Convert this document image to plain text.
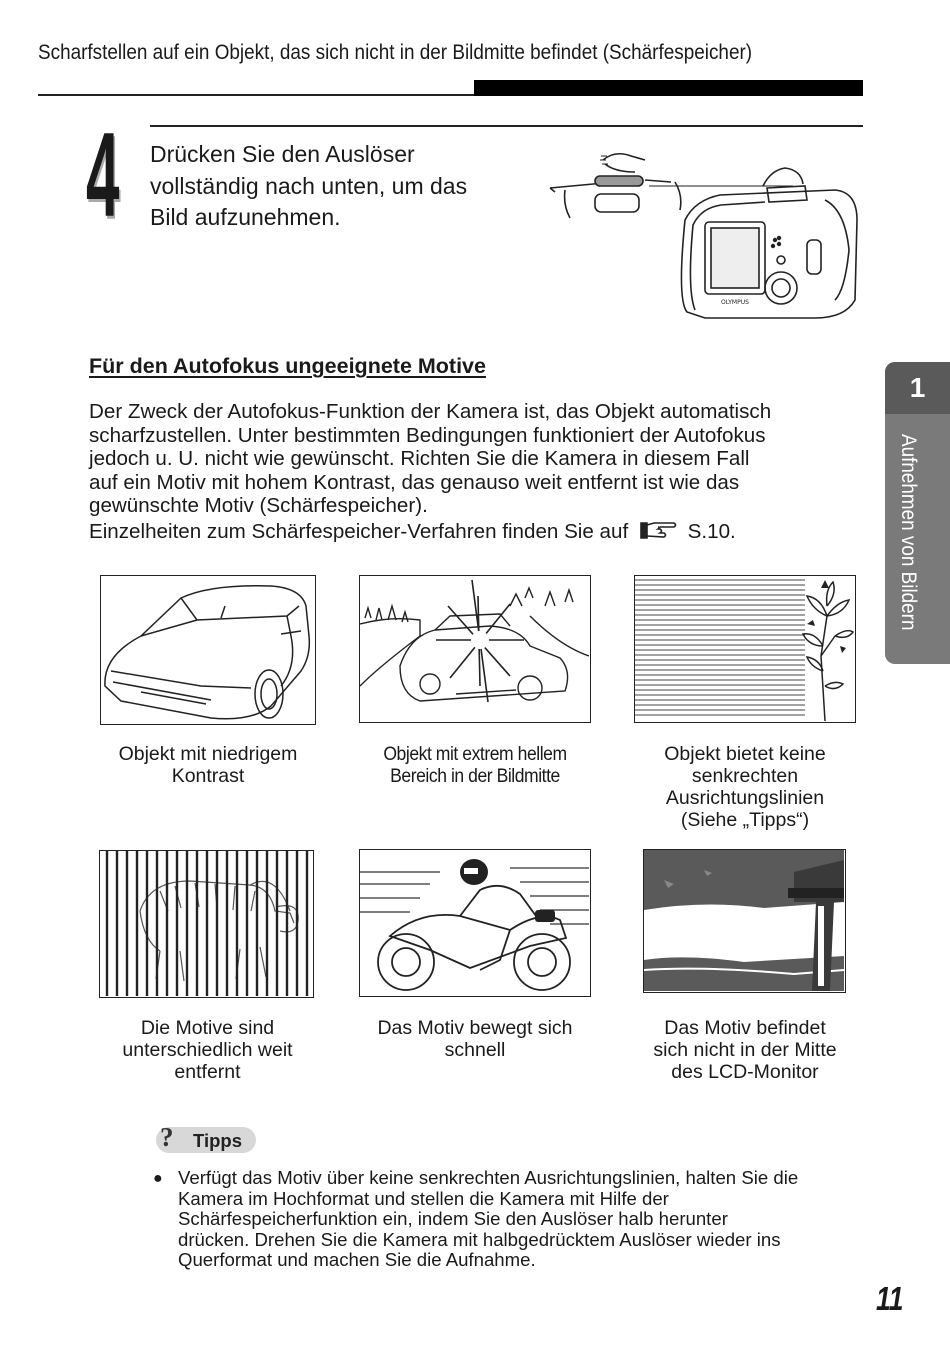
Scharfstellen auf ein Objekt, das sich nicht in der Bildmitte befindet (Schärfespeicher)
4 Drücken Sie den Auslöser
vollständig nach unten, um das
Bild aufzunehmen.
OLYMPUS
Für den Autofokus ungeeignete Motive
Der Zweck der Autofokus-Funktion der Kamera ist, das Objekt automatisch
scharfzustellen. Unter bestimmten Bedingungen funktioniert der Autofokus
jedoch u. U. nicht wie gewünscht. Richten Sie die Kamera in diesem Fall
auf ein Motiv mit hohem Kontrast, das genauso weit entfernt ist wie das
gewünschte Motiv (Schärfespeicher).
Einzelheiten zum Schärfespeicher-Verfahren finden Sie auf	S.10.
1
Aufnehmen von Bildern
Objekt mit niedrigem
Kontrast
Objekt mit extrem hellem
Bereich in der Bildmitte
Objekt bietet keine
senkrechten
Ausrichtungslinien
(Siehe „Tipps“)
Die Motive sind
unterschiedlich weit
entfernt
Das Motiv bewegt sich
schnell
Das Motiv befindet
sich nicht in der Mitte
des LCD-Monitor
? Tipps
● Verfügt das Motiv über keine senkrechten Ausrichtungslinien, halten Sie die
Kamera im Hochformat und stellen die Kamera mit Hilfe der
Schärfespeicherfunktion ein, indem Sie den Auslöser halb herunter
drücken. Drehen Sie die Kamera mit halbgedrücktem Auslöser wieder ins
Querformat und machen Sie die Aufnahme.
11
